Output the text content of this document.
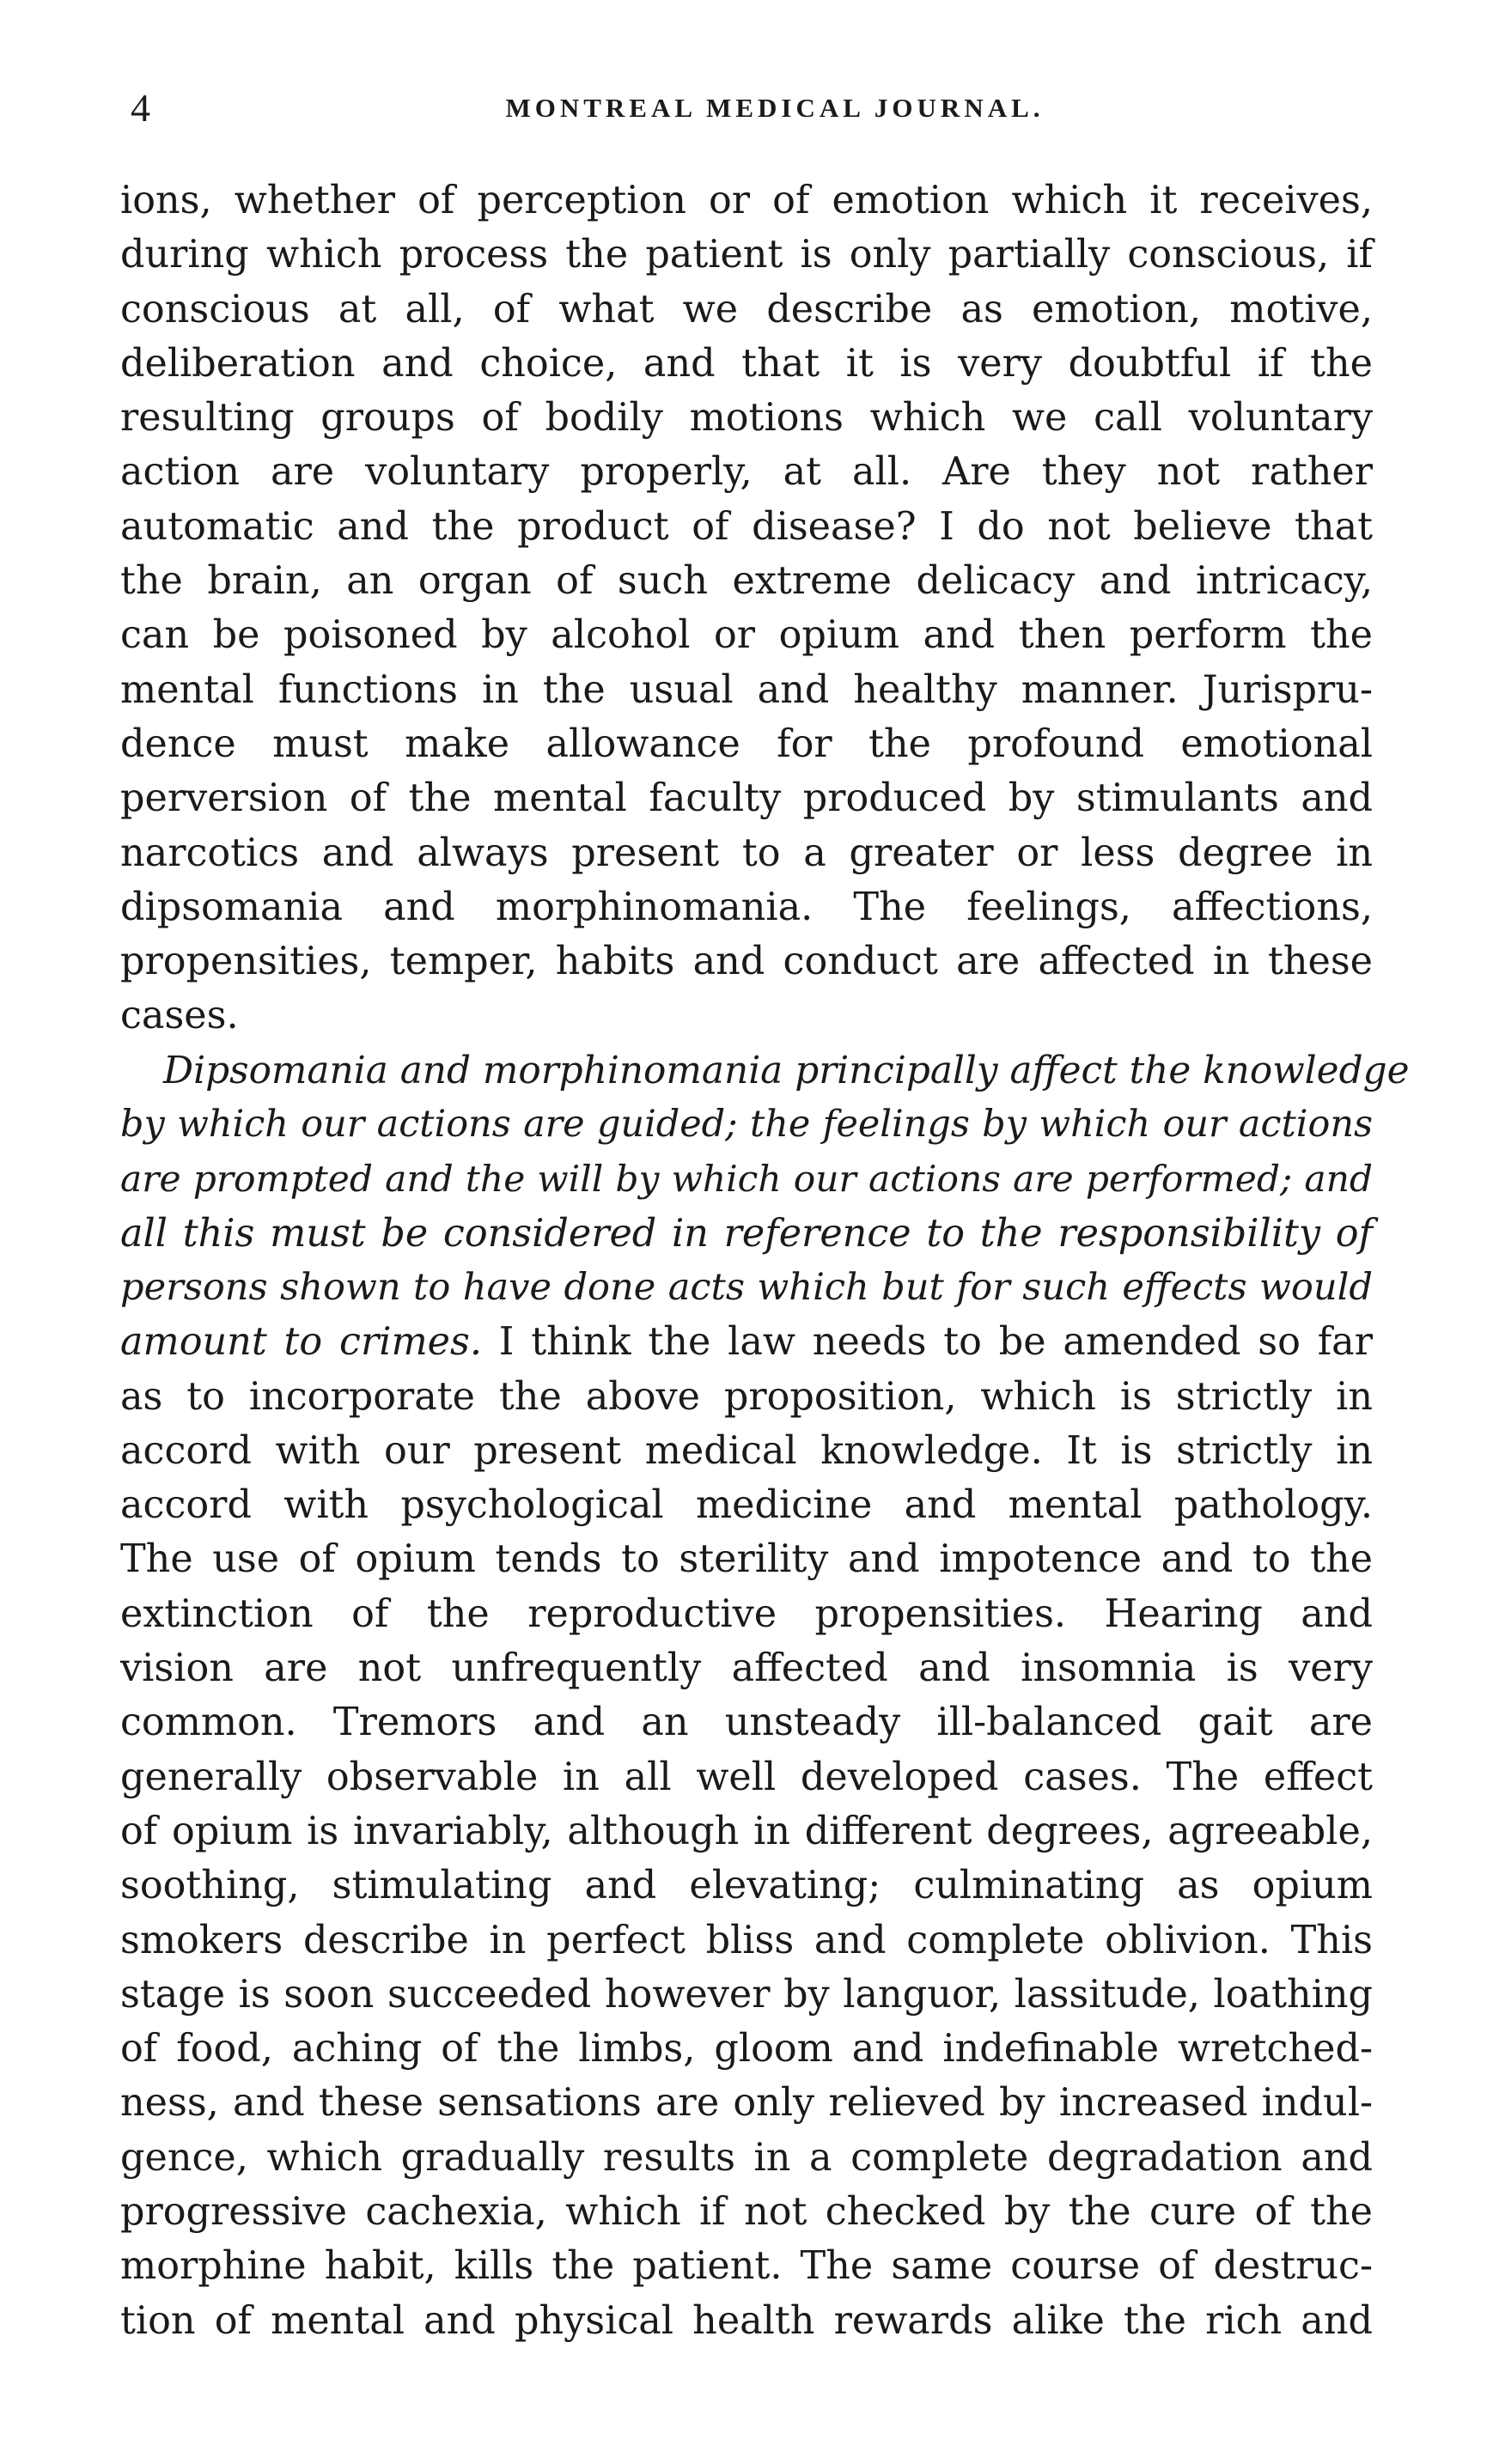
4	MONTREAL MEDICAL JOURNAL.
ions, whether of perception or of emotion which it receives,
during which process the patient is only partially conscious, if
conscious at all, of what we describe as emotion, motive,
deliberation and choice, and that it is very doubtful if the
resulting groups of bodily motions which we call voluntary
action are voluntary properly, at all. Are they not rather
automatic and the product of disease? I do not believe that
the brain, an organ of such extreme delicacy and intricacy,
can be poisoned by alcohol or opium and then perform the
mental functions in the usual and healthy manner. Jurispru-
dence must make allowance for the profound emotional
perversion of the mental faculty produced by stimulants and
narcotics and always present to a greater or less degree in
dipsomania and morphinomania. The feelings, affections,
propensities, temper, habits and conduct are affected in these
cases.
Dipsomania and morphinomania principally affect the knowledge
by which our actions are guided; the feelings by which our actions
are prompted and the will by which our actions are performed; and
all this must be considered in reference to the responsibility of
persons shown to have done acts which but for such effects would
amount to crimes. I think the law needs to be amended so far
as to incorporate the above proposition, which is strictly in
accord with our present medical knowledge. It is strictly in
accord with psychological medicine and mental pathology.
The use of opium tends to sterility and impotence and to the
extinction of the reproductive propensities. Hearing and
vision are not unfrequently affected and insomnia is very
common. Tremors and an unsteady ill-balanced gait are
generally observable in all well developed cases. The effect
of opium is invariably, although in different degrees, agreeable,
soothing, stimulating and elevating; culminating as opium
smokers describe in perfect bliss and complete oblivion. This
stage is soon succeeded however by languor, lassitude, loathing
of food, aching of the limbs, gloom and indefinable wretched-
ness, and these sensations are only relieved by increased indul-
gence, which gradually results in a complete degradation and
progressive cachexia, which if not checked by the cure of the
morphine habit, kills the patient. The same course of destruc-
tion of mental and physical health rewards alike the rich and
